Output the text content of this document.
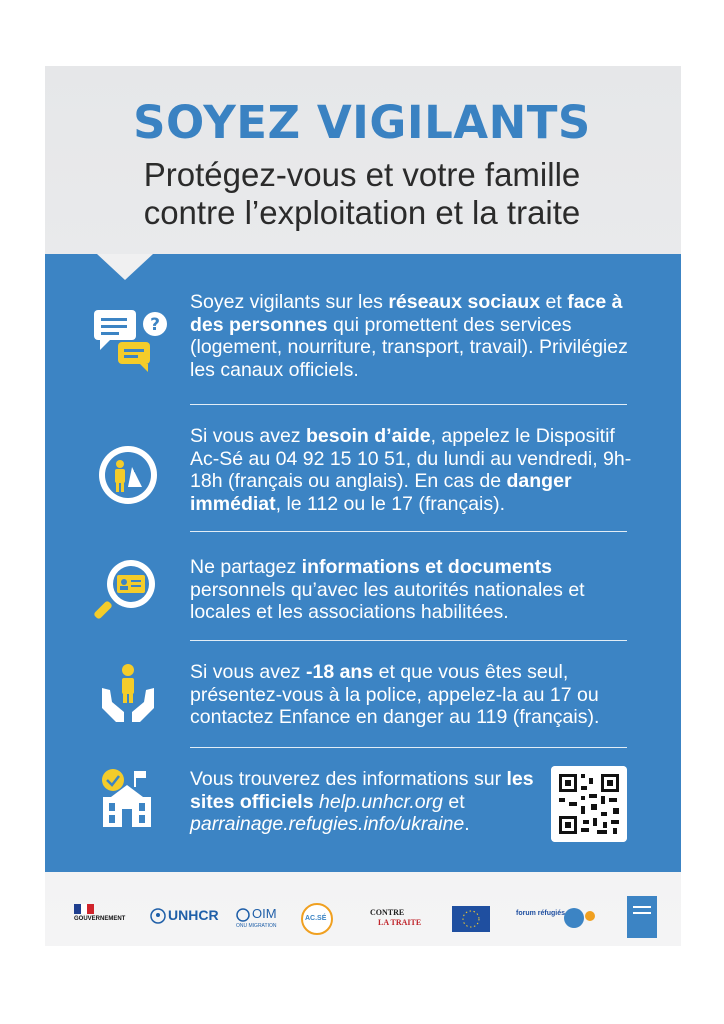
SOYEZ VIGILANTS

Protégez-vous et votre famille
contre l’exploitation et la traite

Soyez vigilants sur les réseaux sociaux et face à des personnes qui promettent des services (logement, nourriture, transport, travail). Privilégiez les canaux officiels.

Si vous avez besoin d’aide, appelez le Dispositif Ac-Sé au 04 92 15 10 51, du lundi au vendredi, 9h-18h (français ou anglais). En cas de danger immédiat, le 112 ou le 17 (français).

Ne partagez informations et documents personnels qu’avec les autorités nationales et locales et les associations habilitées.

Si vous avez -18 ans et que vous êtes seul, présentez-vous à la police, appelez-la au 17 ou contactez Enfance en danger au 119 (français).

Vous trouverez des informations sur les sites officiels help.unhcr.org et parrainage.refugies.info/ukraine.

?
GOUVERNEMENT	UNHCR	OIM
ONU MIGRATION
AC.SÉ
CONTRE
LA TRAITE
forum réfugiés
